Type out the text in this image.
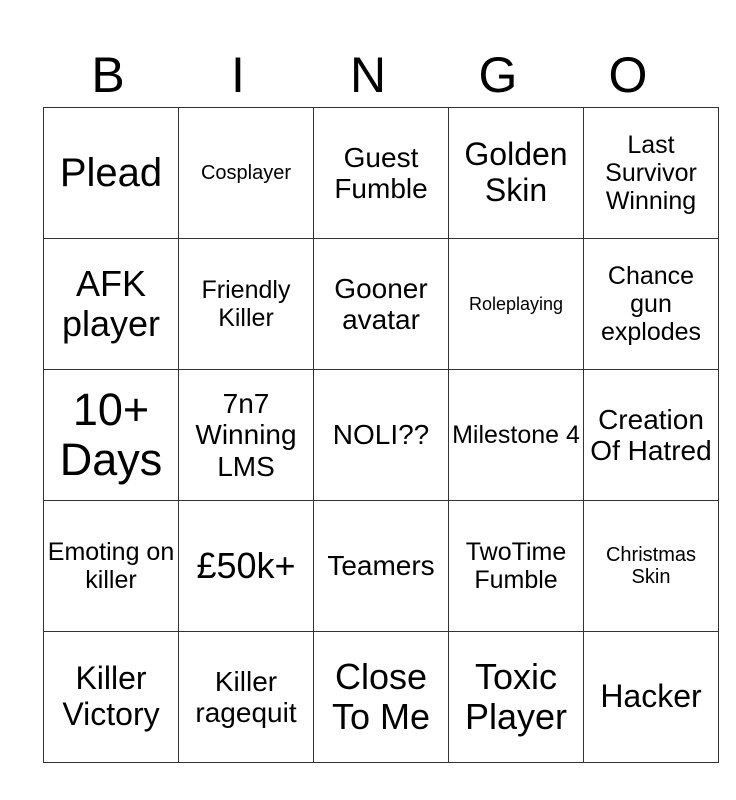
B	I	N	G	O
Plead	Cosplayer	Guest Fumble	Golden Skin	Last Survivor Winning
AFK player	Friendly Killer	Gooner avatar	Roleplaying	Chance gun explodes
10+ Days	7n7 Winning LMS	NOLI??	Milestone 4	Creation Of Hatred
Emoting on killer	£50k+	Teamers	TwoTime Fumble	Christmas Skin
Killer Victory	Killer ragequit	Close To Me	Toxic Player	Hacker
